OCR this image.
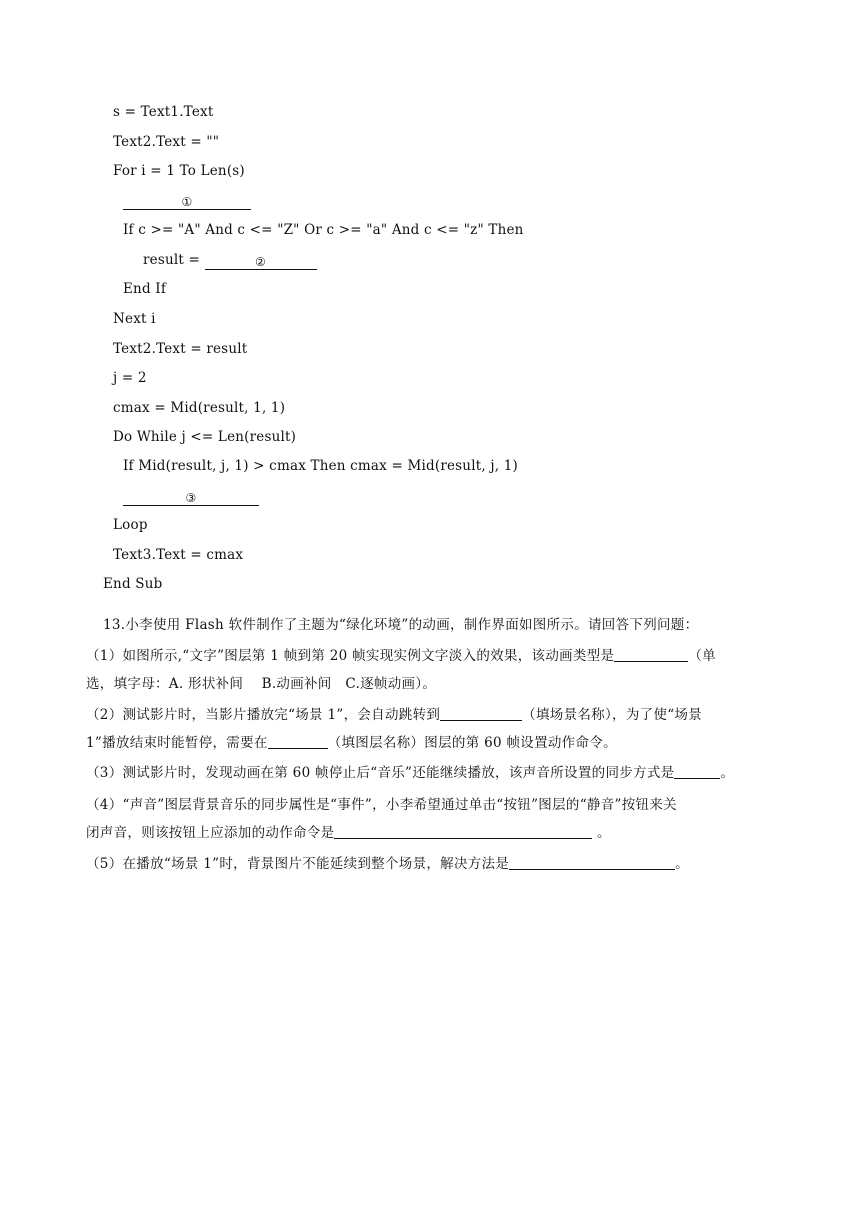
s = Text1.Text
Text2.Text = ""
For i = 1 To Len(s)
①
If c >= "A" And c <= "Z" Or c >= "a" And c <= "z" Then
result =	②
End If
Next i
Text2.Text = result
j = 2
cmax = Mid(result, 1, 1)
Do While j <= Len(result)
If Mid(result, j, 1) > cmax Then cmax = Mid(result, j, 1)
③
Loop
Text3.Text = cmax
End Sub
13.小李使用 Flash 软件制作了主题为“绿化环境”的动画，制作界面如图所示。请回答下列问题：
（1）如图所示,“文字”图层第 1 帧到第 20 帧实现实例文字淡入的效果，该动画类型是	（单
选，填字母：A. 形状补间    B.动画补间   C.逐帧动画）。
（2）测试影片时，当影片播放完“场景 1”，会自动跳转到	（填场景名称），为了使“场景
1”播放结束时能暂停，需要在	（填图层名称）图层的第 60 帧设置动作命令。
（3）测试影片时，发现动画在第 60 帧停止后“音乐”还能继续播放，该声音所设置的同步方式是	。
（4）“声音”图层背景音乐的同步属性是“事件”，小李希望通过单击“按钮”图层的“静音”按钮来关
闭声音，则该按钮上应添加的动作命令是	。
（5）在播放“场景 1”时，背景图片不能延续到整个场景，解决方法是	。
